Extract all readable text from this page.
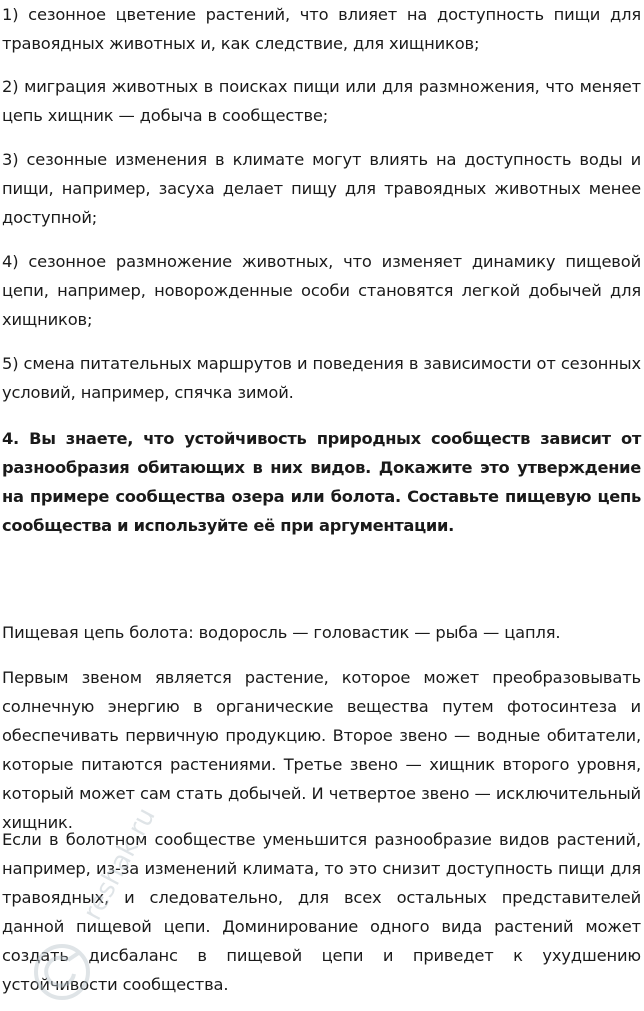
1) сезонное цветение растений, что влияет на доступность пищи для травоядных животных и, как следствие, для хищников;

2) миграция животных в поисках пищи или для размножения, что меняет цепь хищник — добыча в сообществе;

3) сезонные изменения в климате могут влиять на доступность воды и пищи, например, засуха делает пищу для травоядных животных менее доступной;

4) сезонное размножение животных, что изменяет динамику пищевой цепи, например, новорожденные особи становятся легкой добычей для хищников;

5) смена питательных маршрутов и поведения в зависимости от сезонных условий, например, спячка зимой.

4. Вы знаете, что устойчивость природных сообществ зависит от разнообразия обитающих в них видов. Докажите это утверждение на примере сообщества озера или болота. Составьте пищевую цепь сообщества и используйте её при аргументации.

Пищевая цепь болота: водоросль — головастик — рыба — цапля.

Первым звеном является растение, которое может преобразовывать солнечную энергию в органические вещества путем фотосинтеза и обеспечивать первичную продукцию. Второе звено — водные обитатели, которые питаются растениями. Третье звено — хищник второго уровня, который может сам стать добычей. И четвертое звено — исключительный хищник.

Если в болотном сообществе уменьшится разнообразие видов растений, например, из-за изменений климата, то это снизит доступность пищи для травоядных, и следовательно, для всех остальных представителей данной пищевой цепи. Доминирование одного вида растений может создать дисбаланс в пищевой цепи и приведет к ухудшению устойчивости сообщества.

reshak.ru
